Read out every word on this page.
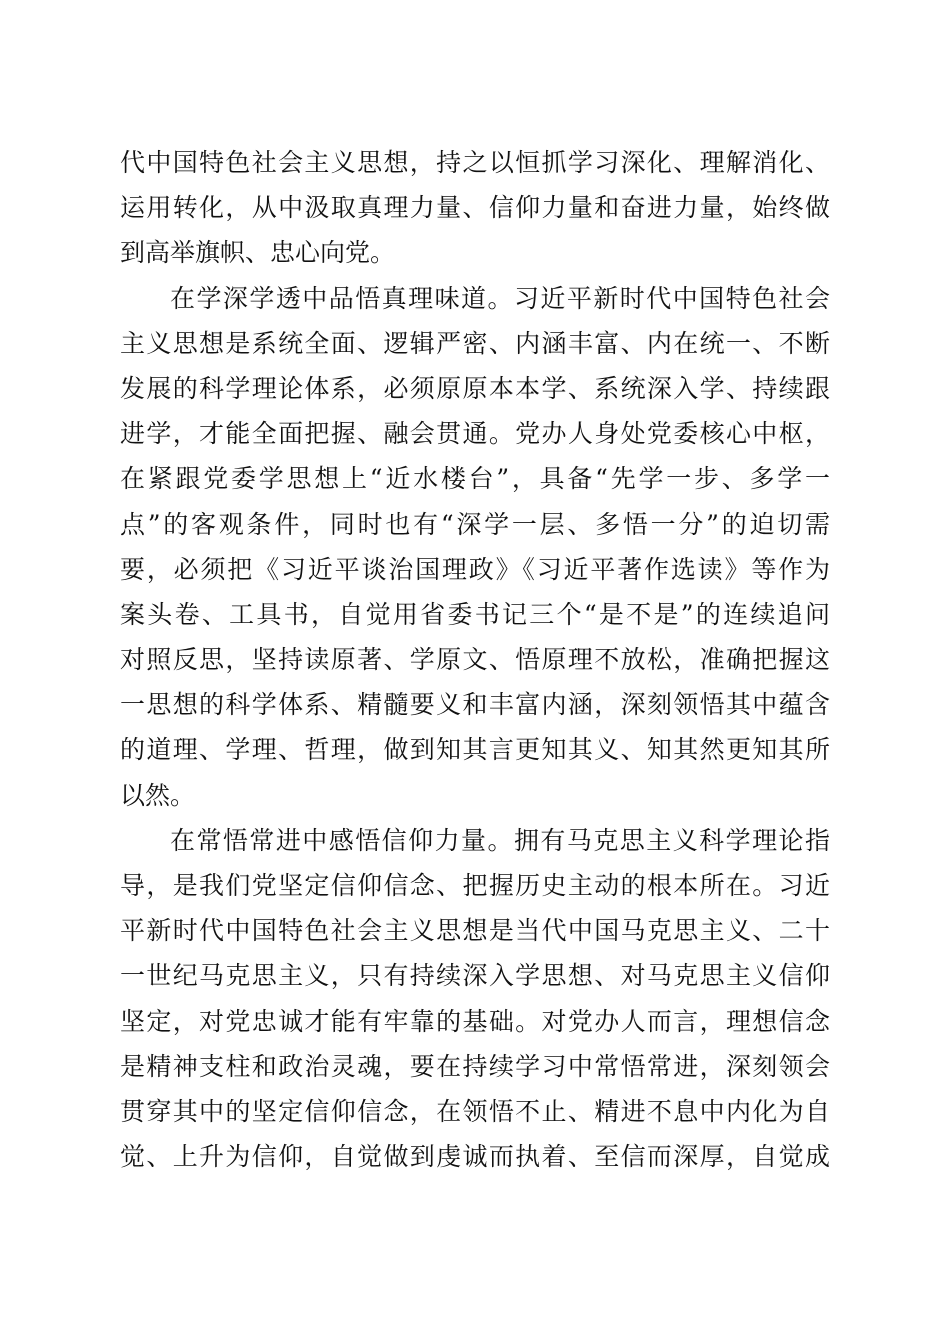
代中国特色社会主义思想，持之以恒抓学习深化、理解消化、
运用转化，从中汲取真理力量、信仰力量和奋进力量，始终做
到高举旗帜、忠心向党。
在学深学透中品悟真理味道。习近平新时代中国特色社会
主义思想是系统全面、逻辑严密、内涵丰富、内在统一、不断
发展的科学理论体系，必须原原本本学、系统深入学、持续跟
进学，才能全面把握、融会贯通。党办人身处党委核心中枢，
在紧跟党委学思想上“近水楼台”，具备“先学一步、多学一
点”的客观条件，同时也有“深学一层、多悟一分”的迫切需
要，必须把《习近平谈治国理政》《习近平著作选读》等作为
案头卷、工具书，自觉用省委书记三个“是不是”的连续追问
对照反思，坚持读原著、学原文、悟原理不放松，准确把握这
一思想的科学体系、精髓要义和丰富内涵，深刻领悟其中蕴含
的道理、学理、哲理，做到知其言更知其义、知其然更知其所
以然。
在常悟常进中感悟信仰力量。拥有马克思主义科学理论指
导，是我们党坚定信仰信念、把握历史主动的根本所在。习近
平新时代中国特色社会主义思想是当代中国马克思主义、二十
一世纪马克思主义，只有持续深入学思想、对马克思主义信仰
坚定，对党忠诚才能有牢靠的基础。对党办人而言，理想信念
是精神支柱和政治灵魂，要在持续学习中常悟常进，深刻领会
贯穿其中的坚定信仰信念，在领悟不止、精进不息中内化为自
觉、上升为信仰，自觉做到虔诚而执着、至信而深厚，自觉成
